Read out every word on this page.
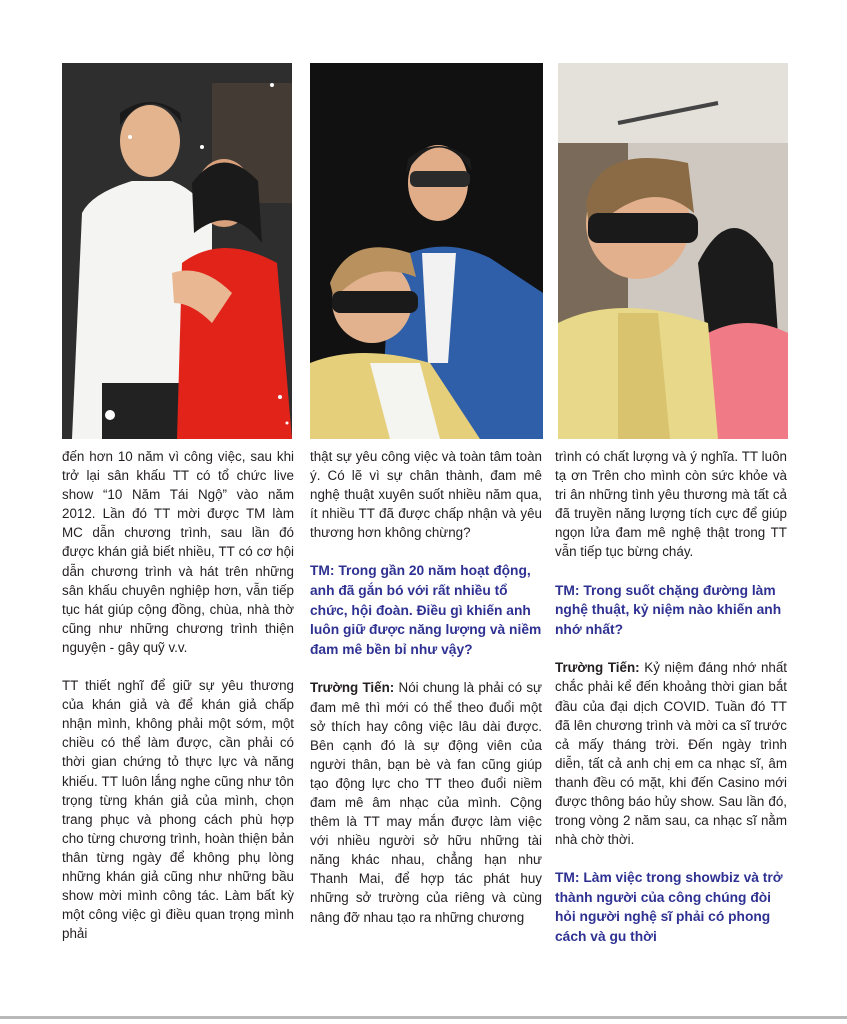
đến hơn 10 năm vì công việc, sau khi trở lại sân khấu TT có tổ chức live show “10 Năm Tái Ngộ” vào năm 2012. Lần đó TT mời được TM làm MC dẫn chương trình, sau lần đó được khán giả biết nhiều, TT có cơ hội dẫn chương trình và hát trên những sân khấu chuyên nghiệp hơn, vẫn tiếp tục hát giúp cộng đồng, chùa, nhà thờ cũng như những chương trình thiện nguyện - gây quỹ v.v.

TT thiết nghĩ để giữ sự yêu thương của khán giả và để khán giả chấp nhận mình, không phải một sớm, một chiều có thể làm được, cần phải có thời gian chứng tỏ thực lực và năng khiếu. TT luôn lắng nghe cũng như tôn trọng từng khán giả của mình, chọn trang phục và phong cách phù hợp cho từng chương trình, hoàn thiện bản thân từng ngày để không phụ lòng những khán giả cũng như những bầu show mời mình công tác. Làm bất kỳ một công việc gì điều quan trọng mình phải

thật sự yêu công việc và toàn tâm toàn ý. Có lẽ vì sự chân thành, đam mê nghệ thuật xuyên suốt nhiều năm qua, ít nhiều TT đã được chấp nhận và yêu thương hơn không chừng?

TM: Trong gần 20 năm hoạt động, anh đã gắn bó với rất nhiều tổ chức, hội đoàn. Điều gì khiến anh luôn giữ được năng lượng và niềm đam mê bền bỉ như vậy?

Trường Tiến: Nói chung là phải có sự đam mê thì mới có thể theo đuổi một sở thích hay công việc lâu dài được. Bên cạnh đó là sự động viên của người thân, bạn bè và fan cũng giúp tạo động lực cho TT theo đuổi niềm đam mê âm nhạc của mình. Cộng thêm là TT may mắn được làm việc với nhiều người sở hữu những tài năng khác nhau, chẳng hạn như Thanh Mai, để hợp tác phát huy những sở trường của riêng và cùng nâng đỡ nhau tạo ra những chương

trình có chất lượng và ý nghĩa. TT luôn tạ ơn Trên cho mình còn sức khỏe và tri ân những tình yêu thương mà tất cả đã truyền năng lượng tích cực để giúp ngọn lửa đam mê nghệ thật trong TT vẫn tiếp tục bừng cháy.

TM: Trong suốt chặng đường làm nghệ thuật, kỷ niệm nào khiến anh nhớ nhất?

Trường Tiến: Kỷ niệm đáng nhớ nhất chắc phải kể đến khoảng thời gian bắt đầu của đại dịch COVID. Tuần đó TT đã lên chương trình và mời ca sĩ trước cả mấy tháng trời. Đến ngày trình diễn, tất cả anh chị em ca nhạc sĩ, âm thanh đều có mặt, khi đến Casino mới được thông báo hủy show. Sau lần đó, trong vòng 2 năm sau, ca nhạc sĩ nằm nhà chờ thời.

TM: Làm việc trong showbiz và trở thành người của công chúng đòi hỏi người nghệ sĩ phải có phong cách và gu thời
